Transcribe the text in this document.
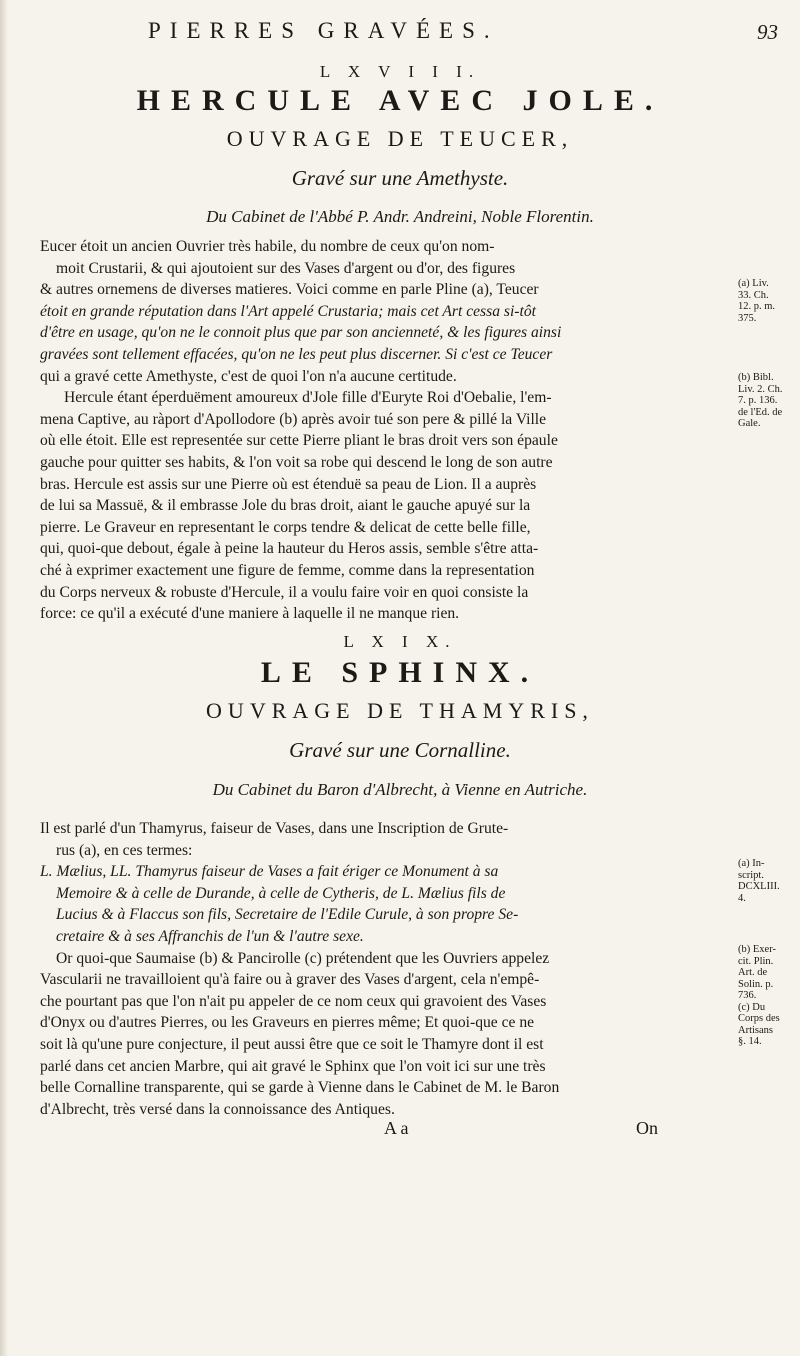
PIERRES GRAVÉES.	93
L X V I I I.
HERCULE AVEC JOLE.
OUVRAGE DE TEUCER,
Gravé sur une Amethyste.
Du Cabinet de l'Abbé P. Andr. Andreini, Noble Florentin.
Eucer étoit un ancien Ouvrier très habile, du nombre de ceux qu'on nom-
moit Crustarii, & qui ajoutoient sur des Vases d'argent ou d'or, des figures
& autres ornemens de diverses matieres. Voici comme en parle Pline (a), Teucer
étoit en grande réputation dans l'Art appelé Crustaria; mais cet Art cessa si-tôt
d'être en usage, qu'on ne le connoit plus que par son ancienneté, & les figures ainsi
gravées sont tellement effacées, qu'on ne les peut plus discerner. Si c'est ce Teucer
qui a gravé cette Amethyste, c'est de quoi l'on n'a aucune certitude.
Hercule étant éperduëment amoureux d'Jole fille d'Euryte Roi d'Oebalie, l'em-
mena Captive, au ràport d'Apollodore (b) après avoir tué son pere & pillé la Ville
où elle étoit. Elle est representée sur cette Pierre pliant le bras droit vers son épaule
gauche pour quitter ses habits, & l'on voit sa robe qui descend le long de son autre
bras. Hercule est assis sur une Pierre où est étenduë sa peau de Lion. Il a auprès
de lui sa Massuë, & il embrasse Jole du bras droit, aiant le gauche apuyé sur la
pierre. Le Graveur en representant le corps tendre & delicat de cette belle fille,
qui, quoi-que debout, égale à peine la hauteur du Heros assis, semble s'être atta-
ché à exprimer exactement une figure de femme, comme dans la representation
du Corps nerveux & robuste d'Hercule, il a voulu faire voir en quoi consiste la
force: ce qu'il a exécuté d'une maniere à laquelle il ne manque rien.
(a) Liv.
33. Ch.
12. p. m.
375.
(b) Bibl.
Liv. 2. Ch.
7. p. 136.
de l'Ed. de
Gale.
L X I X.
LE SPHINX.
OUVRAGE DE THAMYRIS,
Gravé sur une Cornalline.
Du Cabinet du Baron d'Albrecht, à Vienne en Autriche.
Il est parlé d'un Thamyrus, faiseur de Vases, dans une Inscription de Grute-
rus (a), en ces termes:
L. Mælius, LL. Thamyrus faiseur de Vases a fait ériger ce Monument à sa
Memoire & à celle de Durande, à celle de Cytheris, de L. Mælius fils de
Lucius & à Flaccus son fils, Secretaire de l'Edile Curule, à son propre Se-
cretaire & à ses Affranchis de l'un & l'autre sexe.
Or quoi-que Saumaise (b) & Pancirolle (c) prétendent que les Ouvriers appelez
Vascularii ne travailloient qu'à faire ou à graver des Vases d'argent, cela n'empê-
che pourtant pas que l'on n'ait pu appeler de ce nom ceux qui gravoient des Vases
d'Onyx ou d'autres Pierres, ou les Graveurs en pierres même; Et quoi-que ce ne
soit là qu'une pure conjecture, il peut aussi être que ce soit le Thamyre dont il est
parlé dans cet ancien Marbre, qui ait gravé le Sphinx que l'on voit ici sur une très
belle Cornalline transparente, qui se garde à Vienne dans le Cabinet de M. le Baron
d'Albrecht, très versé dans la connoissance des Antiques.
(a) In-
script.
DCXLIII.
4.
(b) Exer-
cit. Plin.
Art. de
Solin. p.
736.
(c) Du
Corps des
Artisans
§. 14.
A a	On
